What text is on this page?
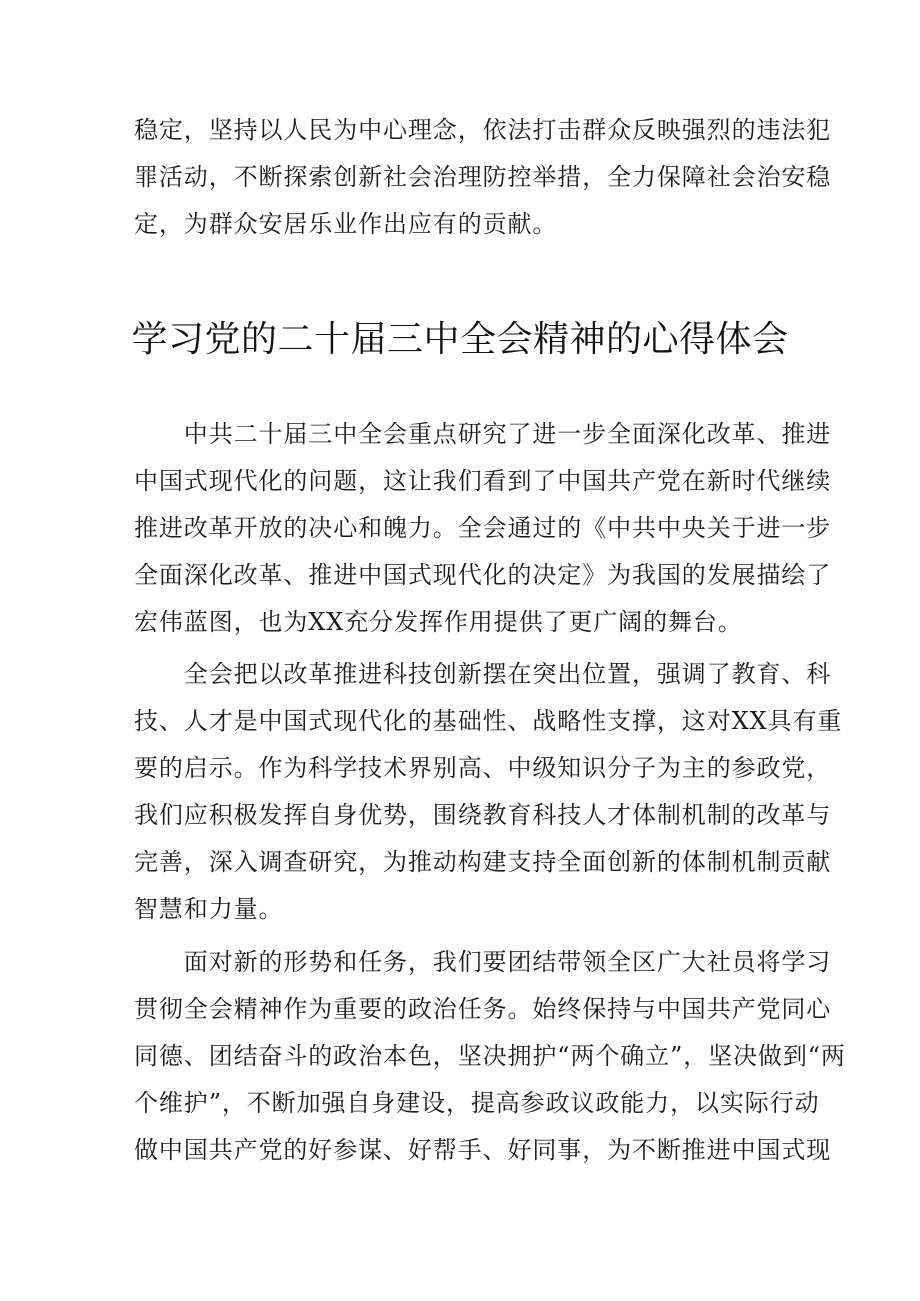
稳定，坚持以人民为中心理念，依法打击群众反映强烈的违法犯
罪活动，不断探索创新社会治理防控举措，全力保障社会治安稳
定，为群众安居乐业作出应有的贡献。
学习党的二十届三中全会精神的心得体会
　　中共二十届三中全会重点研究了进一步全面深化改革、推进
中国式现代化的问题，这让我们看到了中国共产党在新时代继续
推进改革开放的决心和魄力。全会通过的《中共中央关于进一步
全面深化改革、推进中国式现代化的决定》为我国的发展描绘了
宏伟蓝图，也为XX充分发挥作用提供了更广阔的舞台。
　　全会把以改革推进科技创新摆在突出位置，强调了教育、科
技、人才是中国式现代化的基础性、战略性支撑，这对XX具有重
要的启示。作为科学技术界别高、中级知识分子为主的参政党，
我们应积极发挥自身优势，围绕教育科技人才体制机制的改革与
完善，深入调查研究，为推动构建支持全面创新的体制机制贡献
智慧和力量。
　　面对新的形势和任务，我们要团结带领全区广大社员将学习
贯彻全会精神作为重要的政治任务。始终保持与中国共产党同心
同德、团结奋斗的政治本色，坚决拥护“两个确立”，坚决做到“两
个维护”，不断加强自身建设，提高参政议政能力，以实际行动
做中国共产党的好参谋、好帮手、好同事，为不断推进中国式现
